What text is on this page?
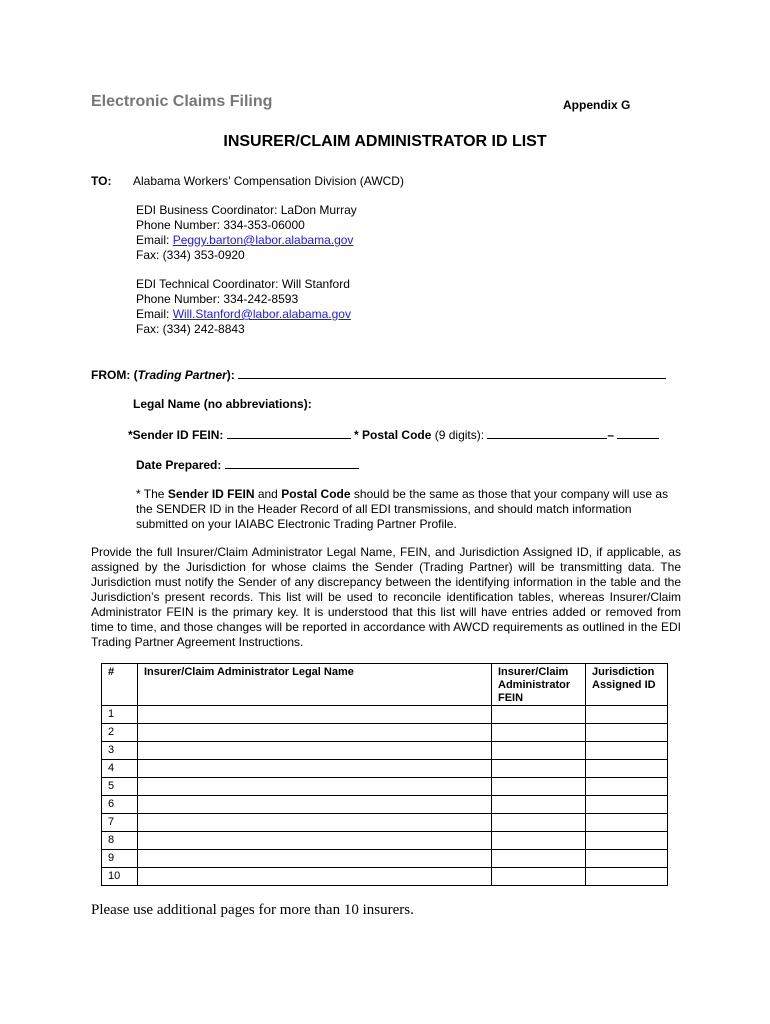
Electronic Claims Filing	Appendix G
INSURER/CLAIM ADMINISTRATOR ID LIST
TO: Alabama Workers’ Compensation Division (AWCD)
EDI Business Coordinator: LaDon Murray
Phone Number: 334-353-06000
Email: Peggy.barton@labor.alabama.gov
Fax: (334) 353-0920
EDI Technical Coordinator: Will Stanford
Phone Number: 334-242-8593
Email: Will.Stanford@labor.alabama.gov
Fax: (334) 242-8843
FROM: (Trading Partner):
Legal Name (no abbreviations):
*Sender ID FEIN:	* Postal Code (9 digits):	–
Date Prepared:
* The Sender ID FEIN and Postal Code should be the same as those that your company will use as the SENDER ID in the Header Record of all EDI transmissions, and should match information submitted on your IAIABC Electronic Trading Partner Profile.
Provide the full Insurer/Claim Administrator Legal Name, FEIN, and Jurisdiction Assigned ID, if applicable, as assigned by the Jurisdiction for whose claims the Sender (Trading Partner) will be transmitting data. The Jurisdiction must notify the Sender of any discrepancy between the identifying information in the table and the Jurisdiction’s present records. This list will be used to reconcile identification tables, whereas Insurer/Claim Administrator FEIN is the primary key. It is understood that this list will have entries added or removed from time to time, and those changes will be reported in accordance with AWCD requirements as outlined in the EDI Trading Partner Agreement Instructions.
#	Insurer/Claim Administrator Legal Name	Insurer/Claim Administrator FEIN	Jurisdiction Assigned ID
1			
2			
3			
4			
5			
6			
7			
8			
9			
10			
Please use additional pages for more than 10 insurers.
